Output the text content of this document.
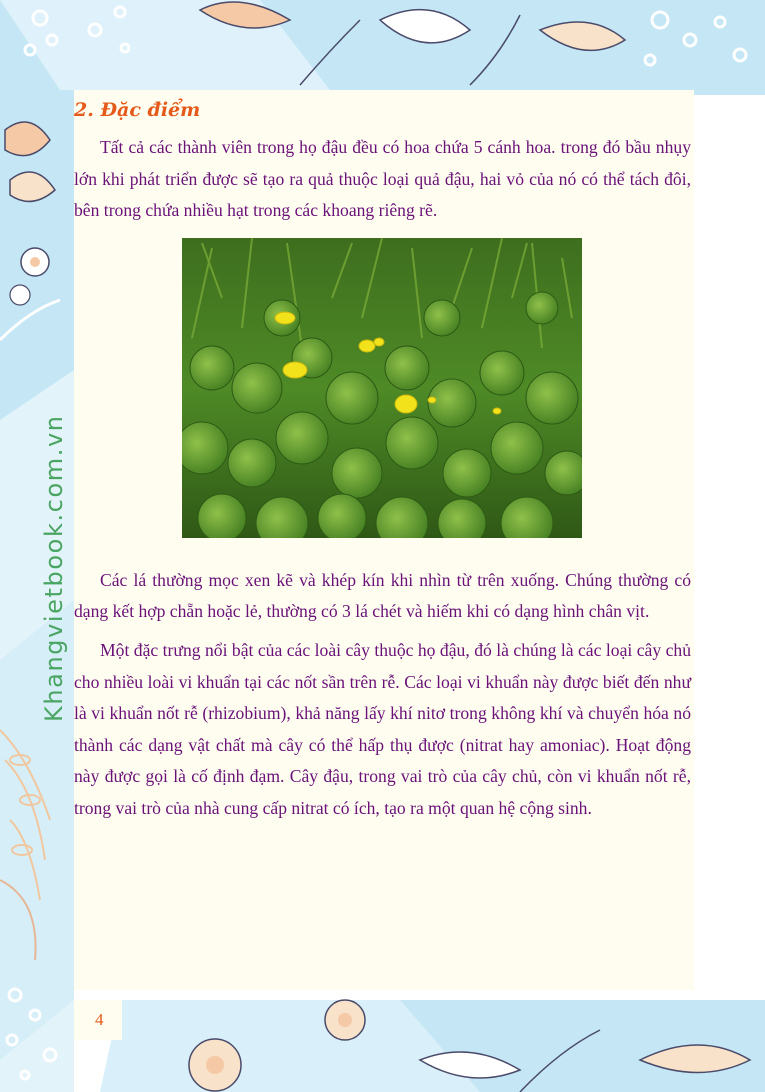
2. Đặc điểm

Tất cả các thành viên trong họ đậu đều có hoa chứa 5 cánh hoa. trong đó bầu nhụy lớn khi phát triển được sẽ tạo ra quả thuộc loại quả đậu, hai vỏ của nó có thể tách đôi, bên trong chứa nhiều hạt trong các khoang riêng rẽ.

Các lá thường mọc xen kẽ và khép kín khi nhìn từ trên xuống. Chúng thường có dạng kết hợp chẵn hoặc lẻ, thường có 3 lá chét và hiếm khi có dạng hình chân vịt.

Một đặc trưng nổi bật của các loài cây thuộc họ đậu, đó là chúng là các loại cây chủ cho nhiều loài vi khuẩn tại các nốt sần trên rễ. Các loại vi khuẩn này được biết đến như là vi khuẩn nốt rễ (rhizobium), khả năng lấy khí nitơ trong không khí và chuyển hóa nó thành các dạng vật chất mà cây có thể hấp thụ được (nitrat hay amoniac). Hoạt động này được gọi là cố định đạm. Cây đậu, trong vai trò của cây chủ, còn vi khuẩn nốt rễ, trong vai trò của nhà cung cấp nitrat có ích, tạo ra một quan hệ cộng sinh.

Khangvietbook.com.vn
4
